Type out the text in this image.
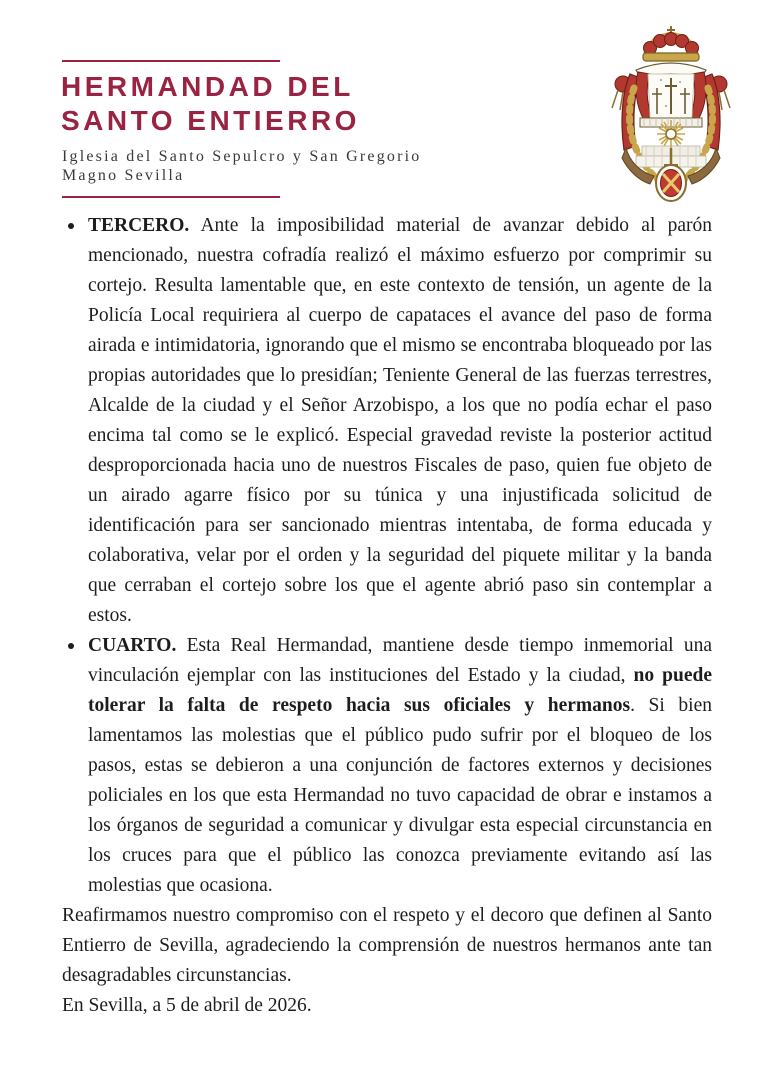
HERMANDAD DEL
SANTO ENTIERRO
Iglesia del Santo Sepulcro y San Gregorio
Magno Sevilla
TERCERO. Ante la imposibilidad material de avanzar debido al parón mencionado, nuestra cofradía realizó el máximo esfuerzo por comprimir su cortejo. Resulta lamentable que, en este contexto de tensión, un agente de la Policía Local requiriera al cuerpo de capataces el avance del paso de forma airada e intimidatoria, ignorando que el mismo se encontraba bloqueado por las propias autoridades que lo presidían; Teniente General de las fuerzas terrestres, Alcalde de la ciudad y el Señor Arzobispo, a los que no podía echar el paso encima tal como se le explicó. Especial gravedad reviste la posterior actitud desproporcionada hacia uno de nuestros Fiscales de paso, quien fue objeto de un airado agarre físico por su túnica y una injustificada solicitud de identificación para ser sancionado mientras intentaba, de forma educada y colaborativa, velar por el orden y la seguridad del piquete militar y la banda que cerraban el cortejo sobre los que el agente abrió paso sin contemplar a estos.
CUARTO. Esta Real Hermandad, mantiene desde tiempo inmemorial una vinculación ejemplar con las instituciones del Estado y la ciudad, no puede tolerar la falta de respeto hacia sus oficiales y hermanos. Si bien lamentamos las molestias que el público pudo sufrir por el bloqueo de los pasos, estas se debieron a una conjunción de factores externos y decisiones policiales en los que esta Hermandad no tuvo capacidad de obrar e instamos a los órganos de seguridad a comunicar y divulgar esta especial circunstancia en los cruces para que el público las conozca previamente evitando así las molestias que ocasiona.

Reafirmamos nuestro compromiso con el respeto y el decoro que definen al Santo Entierro de Sevilla, agradeciendo la comprensión de nuestros hermanos ante tan desagradables circunstancias.

En Sevilla, a 5 de abril de 2026.
